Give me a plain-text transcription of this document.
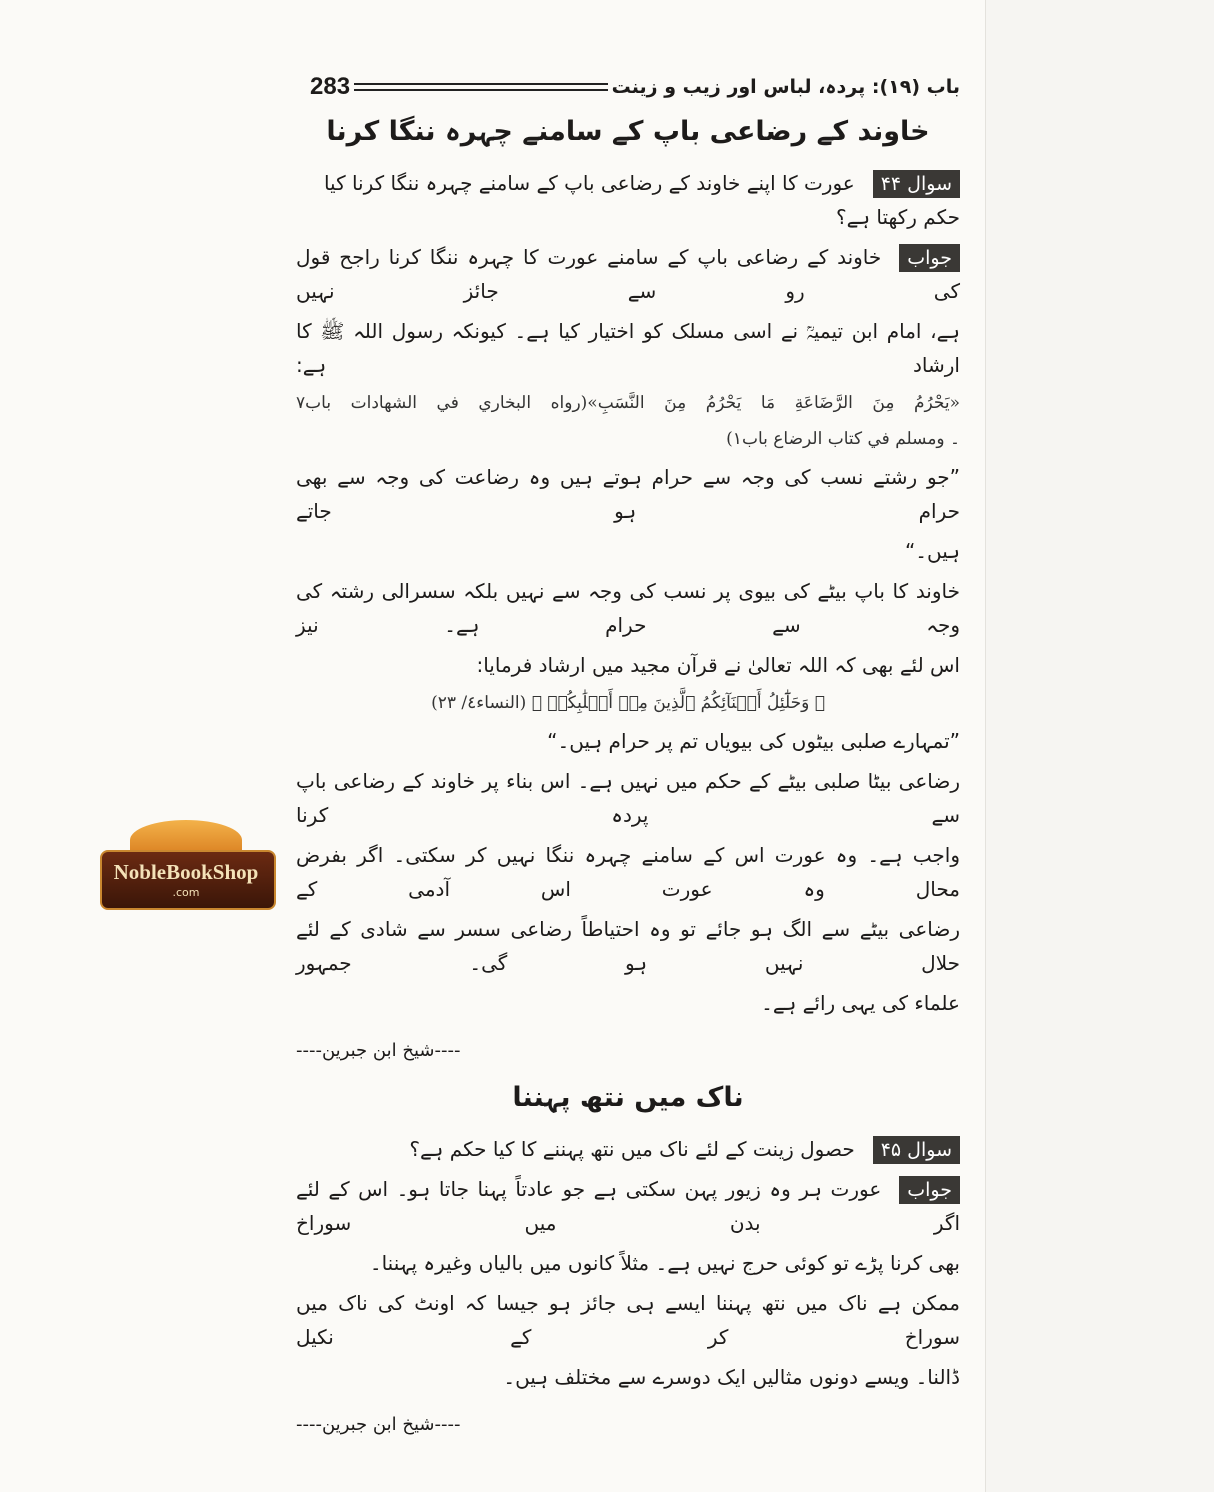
باب (۱۹): پردہ، لباس اور زیب و زینت
283
خاوند کے رضاعی باپ کے سامنے چہرہ ننگا کرنا
سوال ۴۴عورت کا اپنے خاوند کے رضاعی باپ کے سامنے چہرہ ننگا کرنا کیا حکم رکھتا ہے؟
جوابخاوند کے رضاعی باپ کے سامنے عورت کا چہرہ ننگا کرنا راجح قول کی رو سے جائز نہیں
ہے، امام ابن تیمیہؒ نے اسی مسلک کو اختیار کیا ہے۔ کیونکہ رسول اللہ ﷺ کا ارشاد ہے:
«يَحْرُمُ مِنَ الرَّضَاعَةِ مَا يَحْرُمُ مِنَ النَّسَبِ»(رواه البخاري في الشهادات باب٧
۔ ومسلم في كتاب الرضاع باب١)
”جو رشتے نسب کی وجہ سے حرام ہوتے ہیں وہ رضاعت کی وجہ سے بھی حرام ہو جاتے
ہیں۔“
خاوند کا باپ بیٹے کی بیوی پر نسب کی وجہ سے نہیں بلکہ سسرالی رشتہ کی وجہ سے حرام ہے۔ نیز
اس لئے بھی کہ اللہ تعالیٰ نے قرآن مجید میں ارشاد فرمایا:
﴿ وَحَلَٰٓئِلُ أَبۡنَآئِكُمُ ٱلَّذِينَ مِنۡ أَصۡلَٰبِكُمۡ ﴾ (النساء٤/ ٢٣)
”تمہارے صلبی بیٹوں کی بیویاں تم پر حرام ہیں۔“
رضاعی بیٹا صلبی بیٹے کے حکم میں نہیں ہے۔ اس بناء پر خاوند کے رضاعی باپ سے پردہ کرنا
واجب ہے۔ وہ عورت اس کے سامنے چہرہ ننگا نہیں کر سکتی۔ اگر بفرض محال وہ عورت اس آدمی کے
رضاعی بیٹے سے الگ ہو جائے تو وہ احتیاطاً رضاعی سسر سے شادی کے لئے حلال نہیں ہو گی۔ جمہور
علماء کی یہی رائے ہے۔
----شیخ ابن جبرین----
ناک میں نتھ پہننا
سوال ۴۵حصول زینت کے لئے ناک میں نتھ پہننے کا کیا حکم ہے؟
جوابعورت ہر وہ زیور پہن سکتی ہے جو عادتاً پہنا جاتا ہو۔ اس کے لئے اگر بدن میں سوراخ
بھی کرنا پڑے تو کوئی حرج نہیں ہے۔ مثلاً کانوں میں بالیاں وغیرہ پہننا۔
ممکن ہے ناک میں نتھ پہننا ایسے ہی جائز ہو جیسا کہ اونٹ کی ناک میں سوراخ کر کے نکیل
ڈالنا۔ ویسے دونوں مثالیں ایک دوسرے سے مختلف ہیں۔
----شیخ ابن جبرین----
NobleBookShop
.com
